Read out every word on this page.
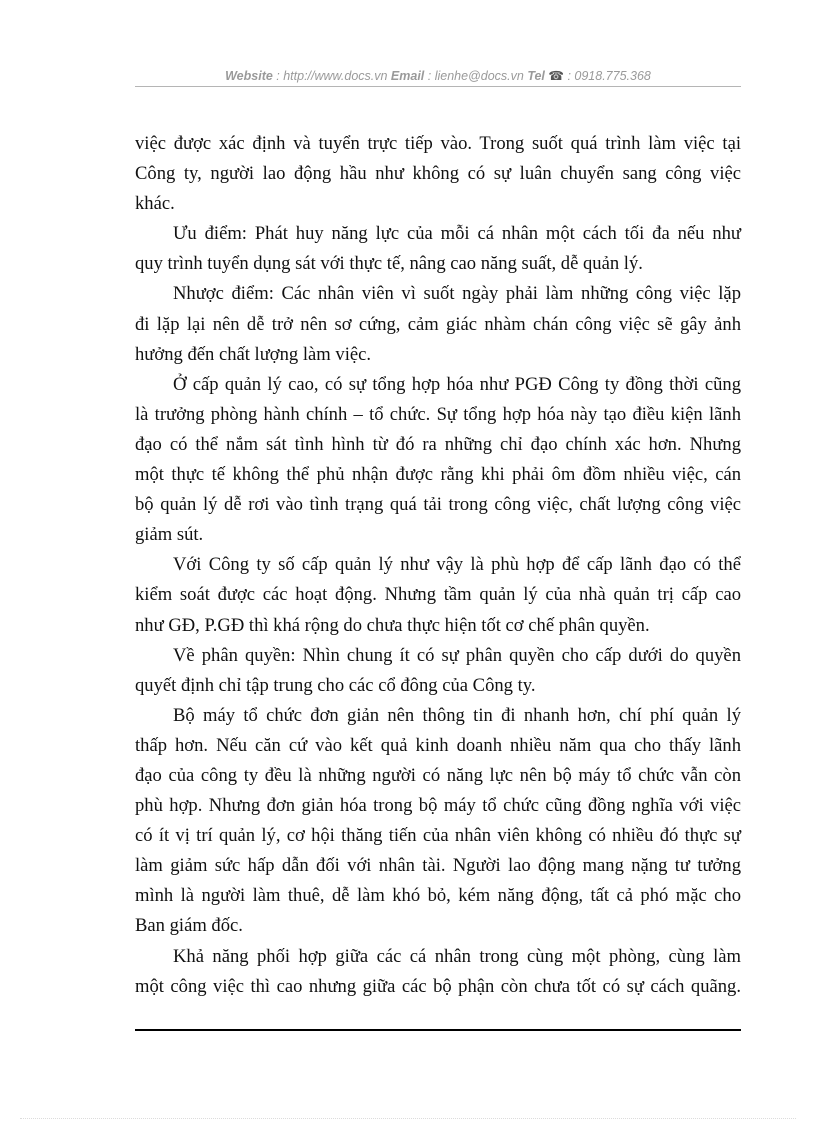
Website : http://www.docs.vn Email : lienhe@docs.vn Tel ☎ : 0918.775.368
việc được xác định và tuyển trực tiếp vào. Trong suốt quá trình làm việc tại
Công ty, người lao động hầu như không có sự luân chuyển sang công việc
khác.
Ưu điểm: Phát huy năng lực của mỗi cá nhân một cách tối đa nếu như
quy trình tuyển dụng sát với thực tế, nâng cao năng suất, dễ quản lý.
Nhược điểm: Các nhân viên vì suốt ngày phải làm những công việc lặp
đi lặp lại nên dễ trở nên sơ cứng, cảm giác nhàm chán công việc sẽ gây ảnh
hưởng đến chất lượng làm việc.
Ở cấp quản lý cao, có sự tổng hợp hóa như PGĐ Công ty đồng thời cũng
là trưởng phòng hành chính – tổ chức. Sự tổng hợp hóa này tạo điều kiện lãnh
đạo có thể nắm sát tình hình từ đó ra những chỉ đạo chính xác hơn. Nhưng
một thực tế không thể phủ nhận được rằng khi phải ôm đồm nhiều việc, cán
bộ quản lý dễ rơi vào tình trạng quá tải trong công việc, chất lượng công việc
giảm sút.
Với Công ty số cấp quản lý như vậy là phù hợp để cấp lãnh đạo có thể
kiểm soát được các hoạt động. Nhưng tầm quản lý của nhà quản trị cấp cao
như GĐ, P.GĐ thì khá rộng do chưa thực hiện tốt cơ chế phân quyền.
Về phân quyền: Nhìn chung ít có sự phân quyền cho cấp dưới do quyền
quyết định chỉ tập trung cho các cổ đông của Công ty.
Bộ máy tổ chức đơn giản nên thông tin đi nhanh hơn, chí phí quản lý
thấp hơn. Nếu căn cứ vào kết quả kinh doanh nhiều năm qua cho thấy lãnh
đạo của công ty đều là những người có năng lực nên bộ máy tổ chức vẫn còn
phù hợp. Nhưng đơn giản hóa trong bộ máy tổ chức cũng đồng nghĩa với việc
có ít vị trí quản lý, cơ hội thăng tiến của nhân viên không có nhiều đó thực sự
làm giảm sức hấp dẫn đối với nhân tài. Người lao động mang nặng tư tưởng
mình là người làm thuê, dễ làm khó bỏ, kém năng động, tất cả phó mặc cho
Ban giám đốc.
Khả năng phối hợp giữa các cá nhân trong cùng một phòng, cùng làm
một công việc thì cao nhưng giữa các bộ phận còn chưa tốt có sự cách quãng.
